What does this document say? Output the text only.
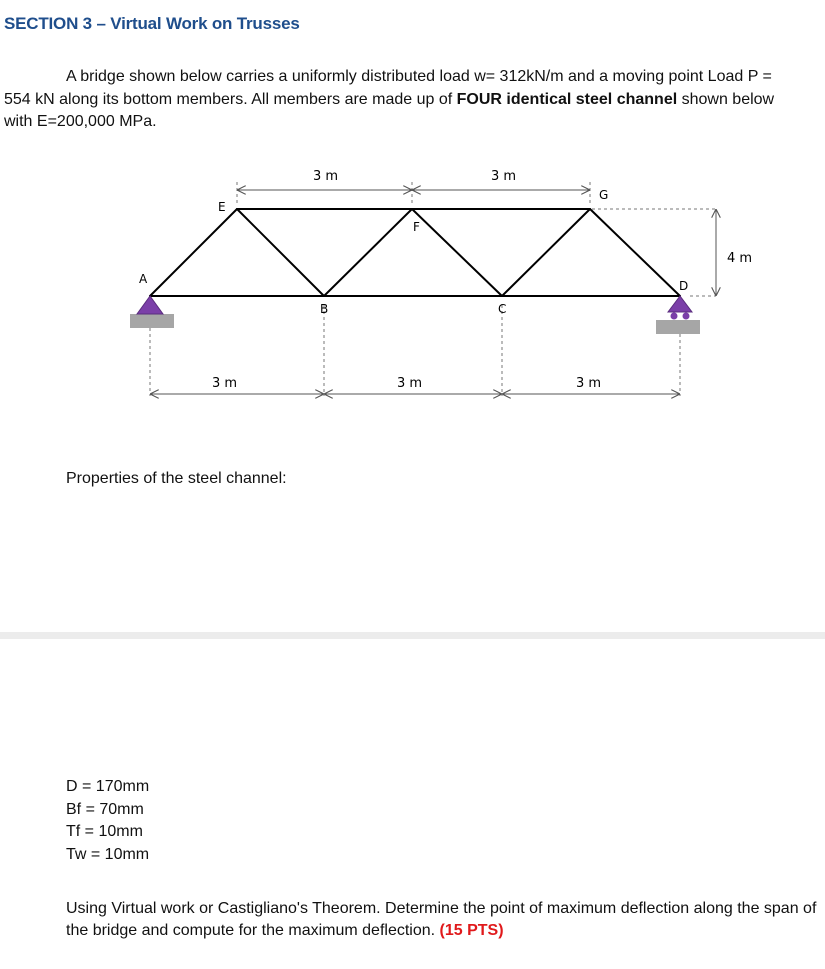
SECTION 3 – Virtual Work on Trusses

A bridge shown below carries a uniformly distributed load w= 312kN/m and a moving point Load P =

554 kN along its bottom members. All members are made up of FOUR identical steel channel shown below

with E=200,000 MPa.

A
B	C
D
E
F
G
3 m	3 m
3 m	3 m	3 m
4 m
Properties of the steel channel:
D = 170mm
Bf = 70mm
Tf = 10mm
Tw = 10mm
Using Virtual work or Castigliano's Theorem. Determine the point of maximum deflection along the span of the bridge and compute for the maximum deflection. (15 PTS)
